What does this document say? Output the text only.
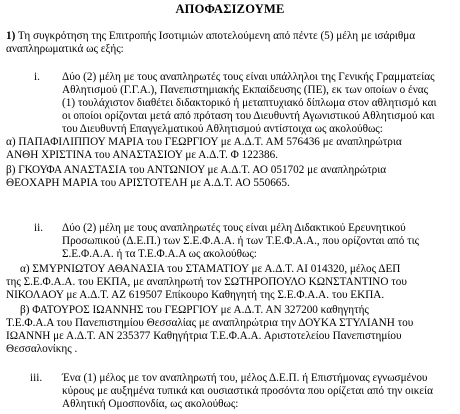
ΑΠΟΦΑΣΙΖΟΥΜΕ
1) Τη συγκρότηση της Επιτροπής Ισοτιμιών αποτελούμενη από πέντε (5) μέλη με ισάριθμα
αναπληρωματικά ως εξής:
i. Δύο (2) μέλη με τους αναπληρωτές τους είναι υπάλληλοι της Γενικής Γραμματείας
Αθλητισμού (Γ.Γ.Α.), Πανεπιστημιακής Εκπαίδευσης (ΠΕ), εκ των οποίων ο ένας
(1) τουλάχιστον διαθέτει διδακτορικό ή μεταπτυχιακό δίπλωμα στον αθλητισμό και
οι οποίοι ορίζονται μετά από πρόταση του Διευθυντή Αγωνιστικού Αθλητισμού και
του Διευθυντή Επαγγελματικού Αθλητισμού αντίστοιχα ως ακολούθως:
α) ΠΑΠΑΦΙΛΙΠΠΟΥ ΜΑΡΙΑ του ΓΕΩΡΓΙΟΥ με Α.Δ.Τ. ΑΜ 576436 με αναπληρώτρια
ΑΝΘΗ ΧΡΙΣΤΙΝΑ του ΑΝΑΣΤΑΣΙΟΥ με Α.Δ.Τ. Φ 122386.
β) ΓΚΟΥΦΑ ΑΝΑΣΤΑΣΙΑ του ΑΝΤΩΝΙΟΥ με Α.Δ.Τ. ΑΟ 051702 με αναπληρώτρια
ΘΕΟΧΑΡΗ ΜΑΡΙΑ του ΑΡΙΣΤΟΤΕΛΗ με Α.Δ.Τ. ΑΟ 550665.
ii. Δύο (2) μέλη με τους αναπληρωτές τους είναι μέλη Διδακτικού Ερευνητικού
Προσωπικού (Δ.Ε.Π.) των Σ.Ε.Φ.Α.Α. ή των Τ.Ε.Φ.Α.Α., που ορίζονται από τις
Σ.Ε.Φ.Α.Α. ή τα Τ.Ε.Φ.Α.Α ως ακολούθως:
α) ΣΜΥΡΝΙΩΤΟΥ ΑΘΑΝΑΣΙΑ του ΣΤΑΜΑΤΙΟΥ με Α.Δ.Τ. ΑΙ 014320, μέλος ΔΕΠ
της Σ.Ε.Φ.Α.Α. του ΕΚΠΑ, με αναπληρωτή τον ΣΩΤΗΡΟΠΟΥΛΟ ΚΩΝΣΤΑΝΤΙΝΟ του
ΝΙΚΟΛΑΟΥ με Α.Δ.Τ. ΑΖ 619507 Επίκουρο Καθηγητή της Σ.Ε.Φ.Α.Α. του ΕΚΠΑ.
β) ΦΑΤΟΥΡΟΣ ΙΩΑΝΝΗΣ του ΓΕΩΡΓΙΟΥ με Α.Δ.Τ. ΑΝ 327200 καθηγητής
Τ.Ε.Φ.Α.Α του Πανεπιστημίου Θεσσαλίας με αναπληρώτρια την ΔΟΥΚΑ ΣΤΥΛΙΑΝΗ του
ΙΩΑΝΝΗ με Α.Δ.Τ. ΑΝ 235377 Καθηγήτρια Τ.Ε.Φ.Α.Α. Αριστοτελείου Πανεπιστημίου
Θεσσαλονίκης .
iii. Ένα (1) μέλος με τον αναπληρωτή του, μέλος Δ.Ε.Π. ή Επιστήμονας εγνωσμένου
κύρους με αυξημένα τυπικά και ουσιαστικά προσόντα που ορίζεται από την οικεία
Αθλητική Ομοσπονδία, ως ακολούθως:
